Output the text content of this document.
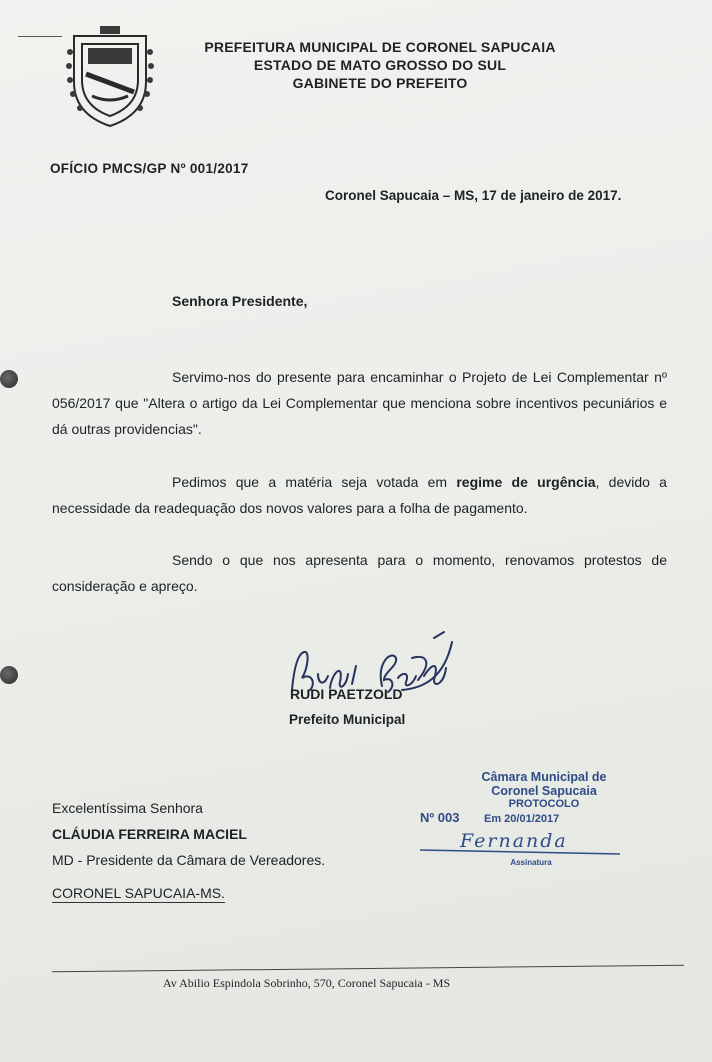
PREFEITURA MUNICIPAL DE CORONEL SAPUCAIA
ESTADO DE MATO GROSSO DO SUL
GABINETE DO PREFEITO
OFÍCIO PMCS/GP Nº 001/2017
Coronel Sapucaia – MS, 17 de janeiro de 2017.
Senhora Presidente,
Servimo-nos do presente para encaminhar o Projeto de Lei Complementar nº 056/2017 que "Altera o artigo da Lei Complementar que menciona sobre incentivos pecuniários e dá outras providencias".
Pedimos que a matéria seja votada em regime de urgência, devido a necessidade da readequação dos novos valores para a folha de pagamento.
Sendo o que nos apresenta para o momento, renovamos protestos de consideração e apreço.
RUDI PAETZOLD
Prefeito Municipal
Excelentíssima Senhora
CLÁUDIA FERREIRA MACIEL
MD - Presidente da Câmara de Vereadores.
CORONEL SAPUCAIA-MS.
Câmara Municipal de
Coronel Sapucaia
PROTOCOLO
Nº 003 Em 20/01/2017
Fernanda
Assinatura
Av Abilio Espindola Sobrinho, 570, Coronel Sapucaia - MS
